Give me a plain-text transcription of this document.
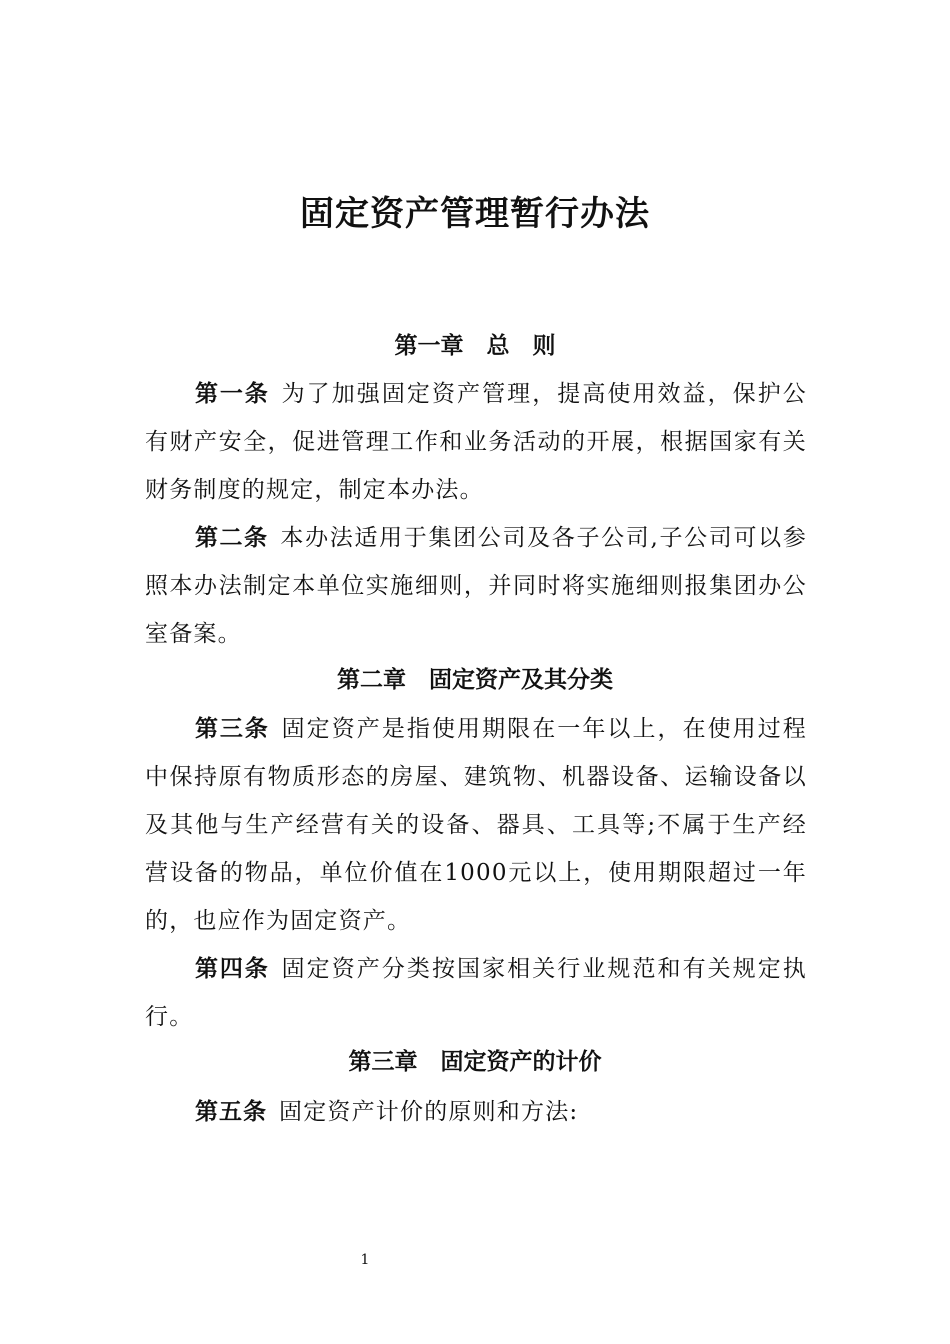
固定资产管理暂行办法
第一章　总　则
第一条 为了加强固定资产管理，提高使用效益，保护公有财产安全，促进管理工作和业务活动的开展，根据国家有关财务制度的规定，制定本办法。
第二条 本办法适用于集团公司及各子公司,子公司可以参照本办法制定本单位实施细则，并同时将实施细则报集团办公室备案。
第二章　固定资产及其分类
第三条 固定资产是指使用期限在一年以上，在使用过程中保持原有物质形态的房屋、建筑物、机器设备、运输设备以及其他与生产经营有关的设备、器具、工具等;不属于生产经营设备的物品，单位价值在1000元以上，使用期限超过一年的，也应作为固定资产。
第四条 固定资产分类按国家相关行业规范和有关规定执行。
第三章　固定资产的计价
第五条 固定资产计价的原则和方法:
1
